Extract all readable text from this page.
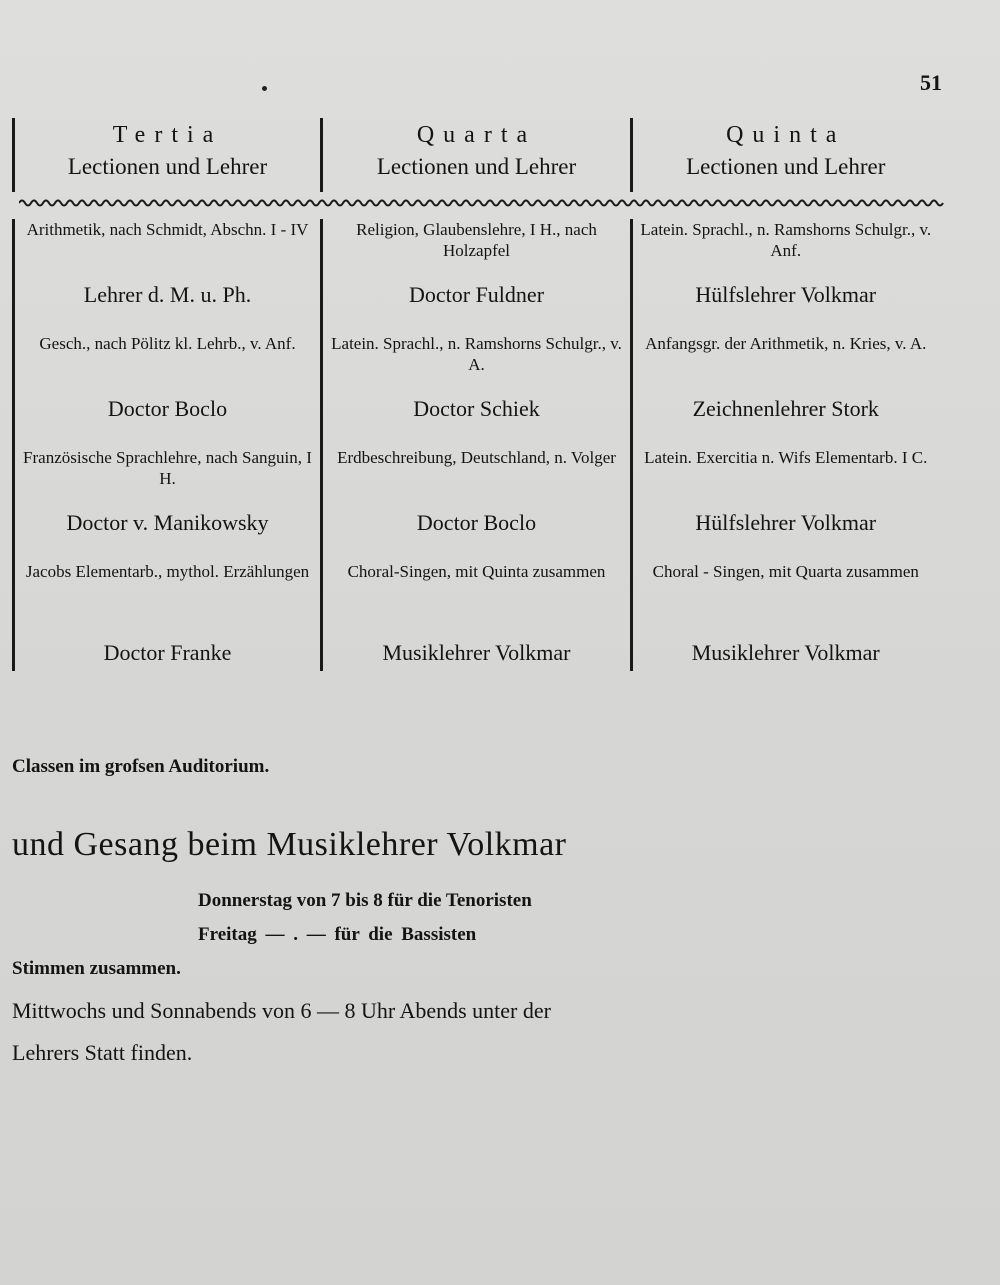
51
Tertia	Quarta	Quinta
Lectionen und Lehrer	Lectionen und Lehrer	Lectionen und Lehrer

Arithmetik, nach Schmidt, Abschn. I - IV	Religion, Glaubenslehre, I H., nach Holzapfel	Latein. Sprachl., n. Ramshorns Schulgr., v. Anf.
Lehrer d. M. u. Ph.	Doctor Fuldner	Hülfslehrer Volkmar
Gesch., nach Pölitz kl. Lehrb., v. Anf.	Latein. Sprachl., n. Ramshorns Schulgr., v. A.	Anfangsgr. der Arithmetik, n. Kries, v. A.
Doctor Boclo	Doctor Schiek	Zeichnenlehrer Stork
Französische Sprachlehre, nach Sanguin, I H.	Erdbeschreibung, Deutschland, n. Volger	Latein. Exercitia n. Wifs Elementarb. I C.
Doctor v. Manikowsky	Doctor Boclo	Hülfslehrer Volkmar
Jacobs Elementarb., mythol. Erzählungen	Choral-Singen, mit Quinta zusammen	Choral - Singen, mit Quarta zusammen
Doctor Franke	Musiklehrer Volkmar	Musiklehrer Volkmar
Classen im grofsen Auditorium.
und Gesang beim Musiklehrer Volkmar
Donnerstag von 7 bis 8 für die Tenoristen
Freitag — . — für die Bassisten
Stimmen zusammen.
Mittwochs und Sonnabends von 6 — 8 Uhr Abends unter der
Lehrers Statt finden.
